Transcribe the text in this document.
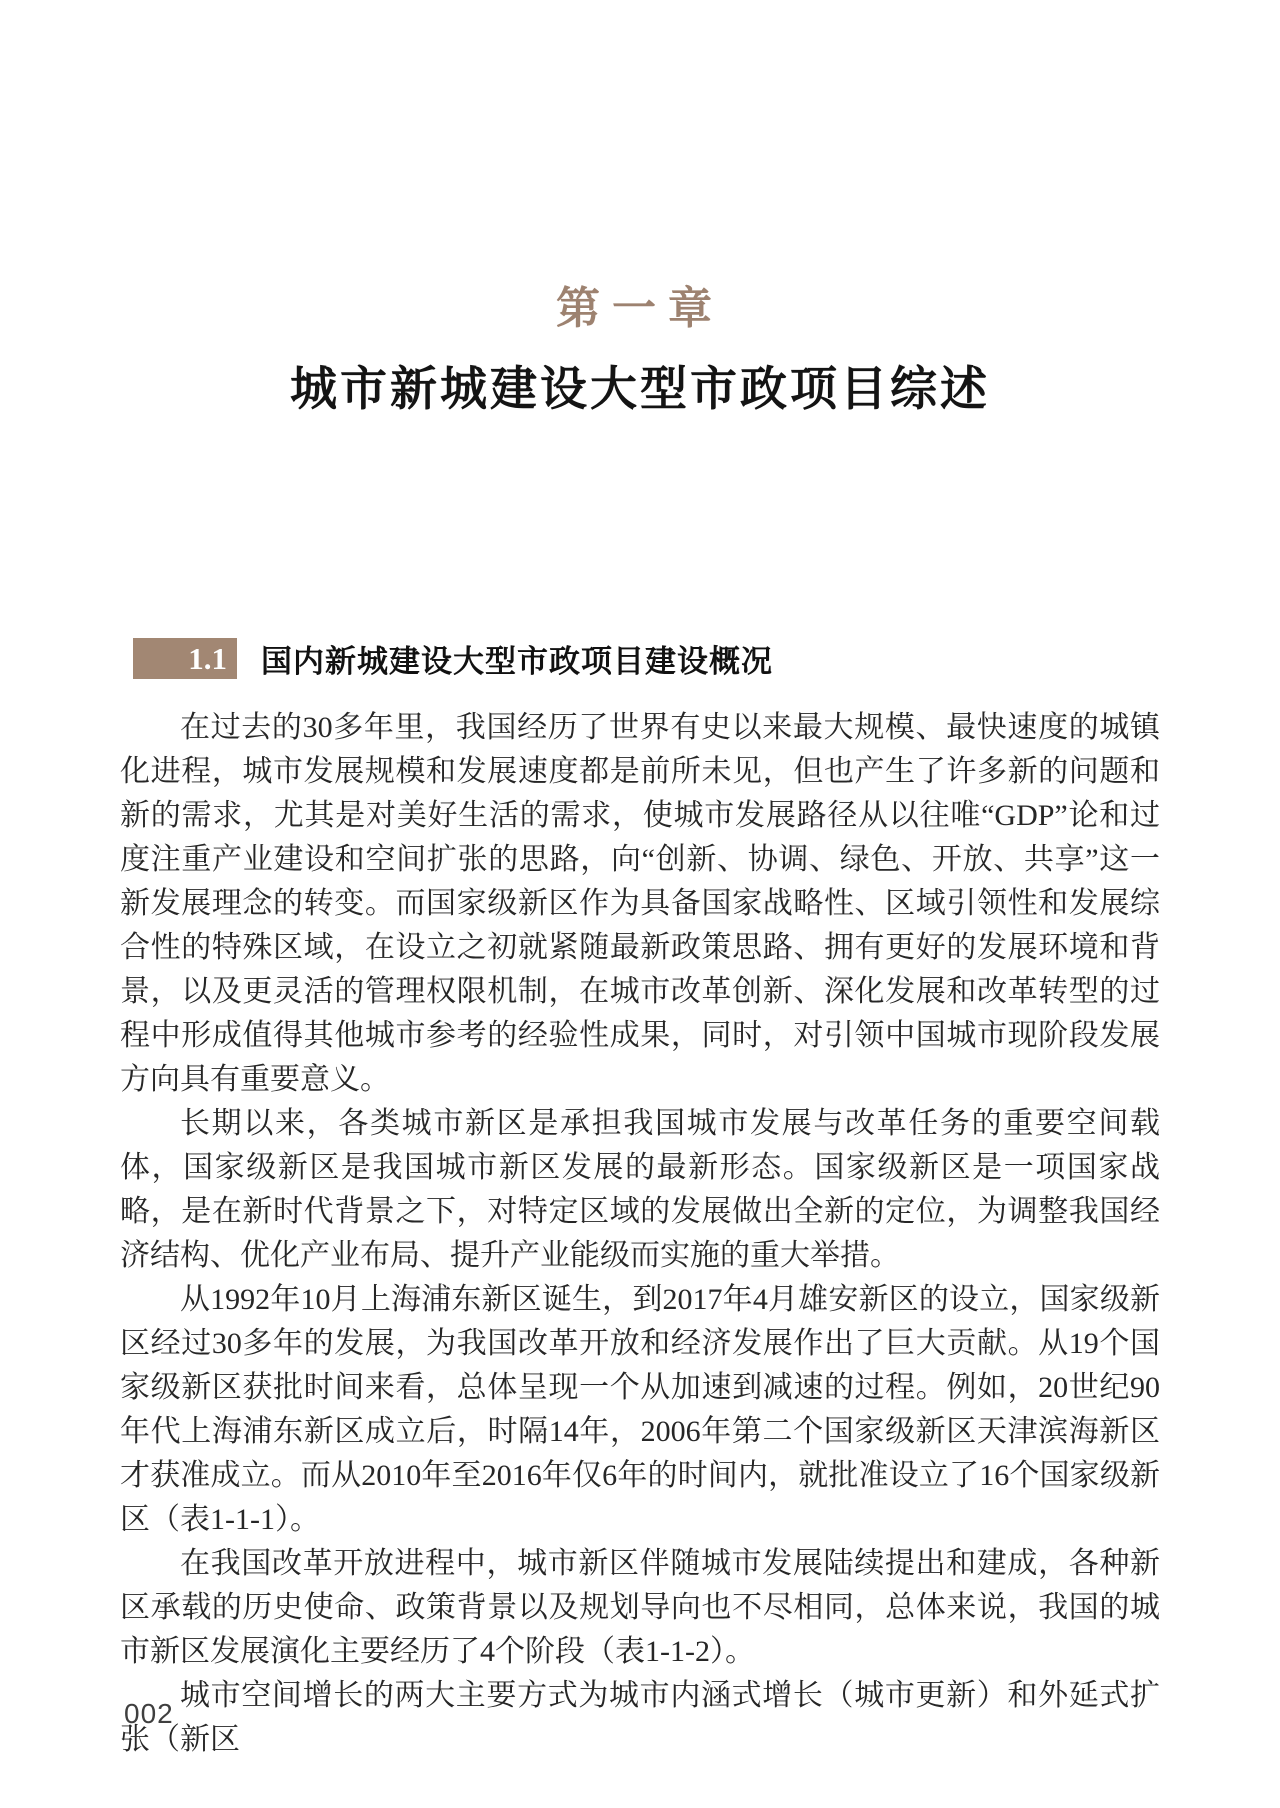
第一章
城市新城建设大型市政项目综述
1.1	国内新城建设大型市政项目建设概况

在过去的30多年里，我国经历了世界有史以来最大规模、最快速度的城镇化进程，城市发展规模和发展速度都是前所未见，但也产生了许多新的问题和新的需求，尤其是对美好生活的需求，使城市发展路径从以往唯“GDP”论和过度注重产业建设和空间扩张的思路，向“创新、协调、绿色、开放、共享”这一新发展理念的转变。而国家级新区作为具备国家战略性、区域引领性和发展综合性的特殊区域，在设立之初就紧随最新政策思路、拥有更好的发展环境和背景，以及更灵活的管理权限机制，在城市改革创新、深化发展和改革转型的过程中形成值得其他城市参考的经验性成果，同时，对引领中国城市现阶段发展方向具有重要意义。

长期以来，各类城市新区是承担我国城市发展与改革任务的重要空间载体，国家级新区是我国城市新区发展的最新形态。国家级新区是一项国家战略，是在新时代背景之下，对特定区域的发展做出全新的定位，为调整我国经济结构、优化产业布局、提升产业能级而实施的重大举措。

从1992年10月上海浦东新区诞生，到2017年4月雄安新区的设立，国家级新区经过30多年的发展，为我国改革开放和经济发展作出了巨大贡献。从19个国家级新区获批时间来看，总体呈现一个从加速到减速的过程。例如，20世纪90年代上海浦东新区成立后，时隔14年，2006年第二个国家级新区天津滨海新区才获准成立。而从2010年至2016年仅6年的时间内，就批准设立了16个国家级新区（表1-1-1）。

在我国改革开放进程中，城市新区伴随城市发展陆续提出和建成，各种新区承载的历史使命、政策背景以及规划导向也不尽相同，总体来说，我国的城市新区发展演化主要经历了4个阶段（表1-1-2）。

城市空间增长的两大主要方式为城市内涵式增长（城市更新）和外延式扩张（新区

002
